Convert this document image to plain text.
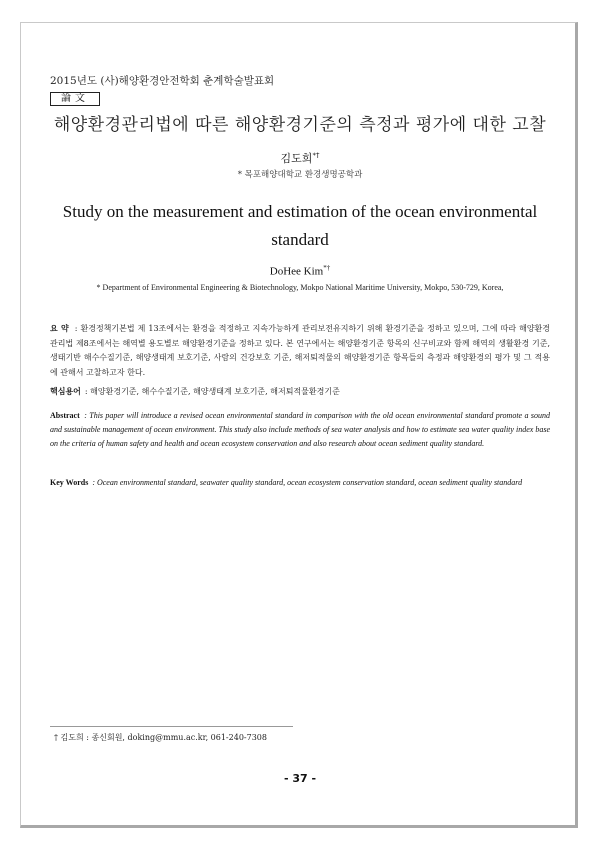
2015년도 (사)해양환경안전학회 춘계학술발표회
論文
해양환경관리법에 따른 해양환경기준의 측정과 평가에 대한 고찰
김도희*†
* 목포해양대학교 환경생명공학과
Study on the measurement and estimation of the ocean environmental standard
DoHee Kim*†
* Department of Environmental Engineering & Biotechnology, Mokpo National Maritime University, Mokpo, 530-729, Korea,
요 약 : 환경정책기본법 제 13조에서는 환경을 적정하고 지속가능하게 관리보전유지하기 위해 환경기준을 정하고 있으며, 그에 따라 해양환경관리법 제8조에서는 해역별 용도별로 해양환경기준을 정하고 있다. 본 연구에서는 해양환경기준 항목의 신구비교와 함께 해역의 생활환경 기준, 생태기반 해수수질기준, 해양생태계 보호기준, 사람의 건강보호 기준, 해저퇴적물의 해양환경기준 항목들의 측정과 해양환경의 평가 및 그 적용에 관해서 고찰하고자 한다.
핵심용어 : 해양환경기준, 해수수질기준, 해양생태계 보호기준, 해저퇴적물환경기준
Abstract : This paper will introduce a revised ocean environmental standard in comparison with the old ocean environmental standard promote a sound and sustainable management of ocean environment. This study also include methods of sea water analysis and how to estimate sea water quality index base on the criteria of human safety and health and ocean ecosystem conservation and also research about ocean sediment quality standard.
Key Words : Ocean environmental standard, seawater quality standard, ocean ecosystem conservation standard, ocean sediment quality standard
† 김도희 : 종신회원, doking@mmu.ac.kr, 061-240-7308
- 37 -
